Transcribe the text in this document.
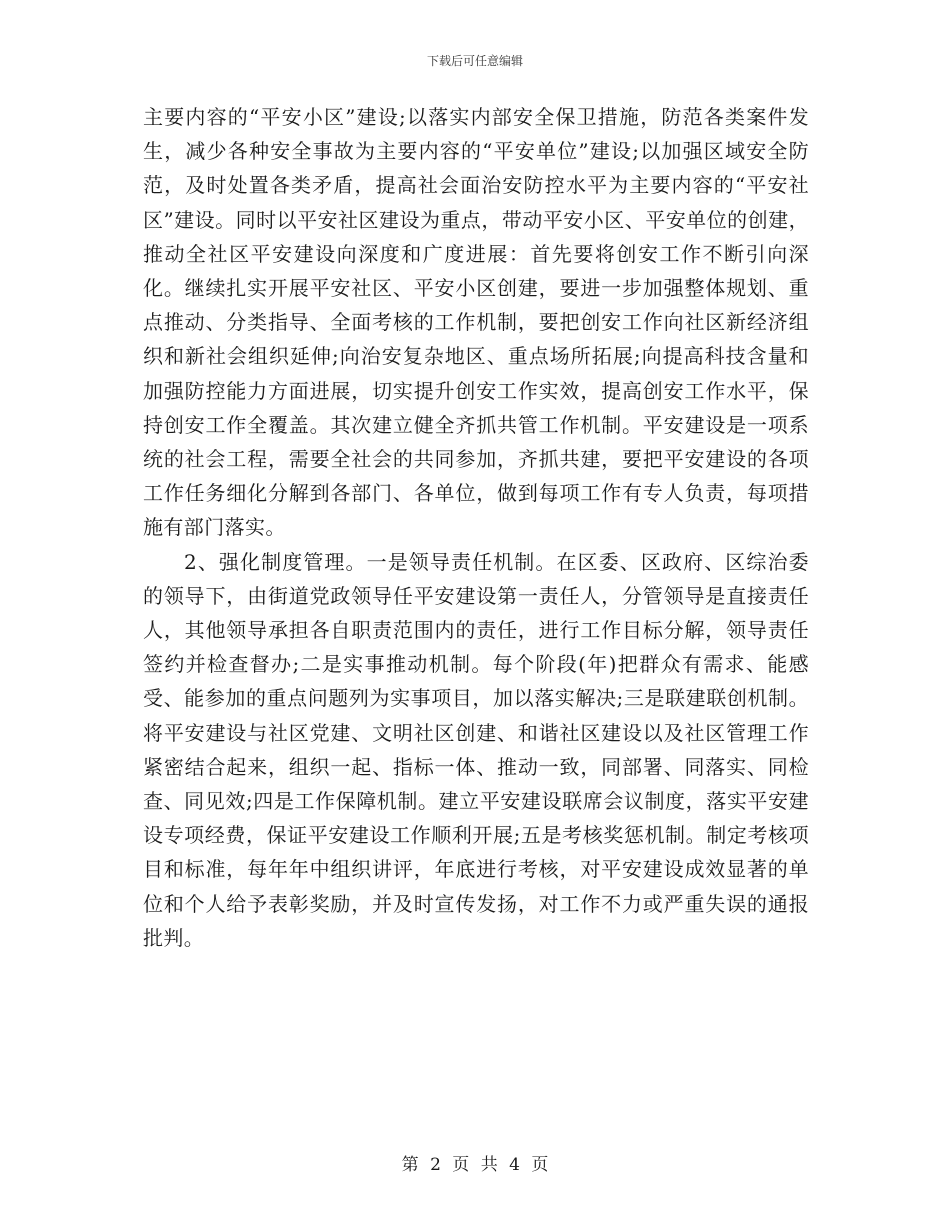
下载后可任意编辑

主要内容的“平安小区”建设;以落实内部安全保卫措施，防范各类案件发生，减少各种安全事故为主要内容的“平安单位”建设;以加强区域安全防范，及时处置各类矛盾，提高社会面治安防控水平为主要内容的“平安社区”建设。同时以平安社区建设为重点，带动平安小区、平安单位的创建，推动全社区平安建设向深度和广度进展：首先要将创安工作不断引向深化。继续扎实开展平安社区、平安小区创建，要进一步加强整体规划、重点推动、分类指导、全面考核的工作机制，要把创安工作向社区新经济组织和新社会组织延伸;向治安复杂地区、重点场所拓展;向提高科技含量和加强防控能力方面进展，切实提升创安工作实效，提高创安工作水平，保持创安工作全覆盖。其次建立健全齐抓共管工作机制。平安建设是一项系统的社会工程，需要全社会的共同参加，齐抓共建，要把平安建设的各项工作任务细化分解到各部门、各单位，做到每项工作有专人负责，每项措施有部门落实。

2、强化制度管理。一是领导责任机制。在区委、区政府、区综治委的领导下，由街道党政领导任平安建设第一责任人，分管领导是直接责任人，其他领导承担各自职责范围内的责任，进行工作目标分解，领导责任签约并检查督办;二是实事推动机制。每个阶段(年)把群众有需求、能感受、能参加的重点问题列为实事项目，加以落实解决;三是联建联创机制。将平安建设与社区党建、文明社区创建、和谐社区建设以及社区管理工作紧密结合起来，组织一起、指标一体、推动一致，同部署、同落实、同检查、同见效;四是工作保障机制。建立平安建设联席会议制度，落实平安建设专项经费，保证平安建设工作顺利开展;五是考核奖惩机制。制定考核项目和标准，每年年中组织讲评，年底进行考核，对平安建设成效显著的单位和个人给予表彰奖励，并及时宣传发扬，对工作不力或严重失误的通报批判。

第 2 页 共 4 页
